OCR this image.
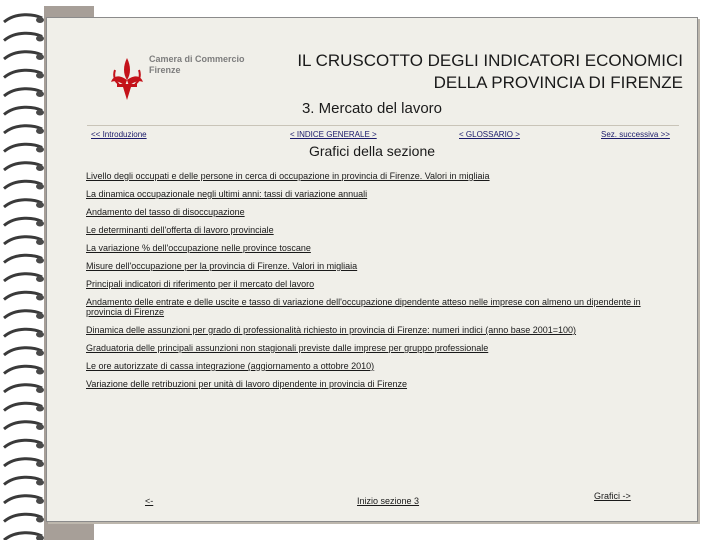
Camera di Commercio
Firenze	IL CRUSCOTTO DEGLI INDICATORI ECONOMICI
DELLA PROVINCIA DI FIRENZE
3. Mercato del lavoro
<< Introduzione	< INDICE GENERALE >	< GLOSSARIO >	Sez. successiva >>
Grafici della sezione
Livello degli occupati e delle persone in cerca di occupazione in provincia di Firenze. Valori in migliaia
La dinamica occupazionale negli ultimi anni: tassi di variazione annuali
Andamento del tasso di disoccupazione
Le determinanti dell'offerta di lavoro provinciale
La variazione % dell'occupazione nelle province toscane
Misure dell'occupazione per la provincia di Firenze. Valori in migliaia
Principali indicatori di riferimento per il mercato del lavoro
Andamento delle entrate e delle uscite e tasso di variazione dell'occupazione dipendente atteso nelle imprese con almeno un dipendente in provincia di Firenze
Dinamica delle assunzioni per grado di professionalità richiesto in provincia di Firenze: numeri indici (anno base 2001=100)
Graduatoria delle principali assunzioni non stagionali previste dalle imprese per gruppo professionale
Le ore autorizzate di cassa integrazione (aggiornamento a ottobre 2010)
Variazione delle retribuzioni per unità di lavoro dipendente in provincia di Firenze
<-	Inizio sezione 3	Grafici ->
